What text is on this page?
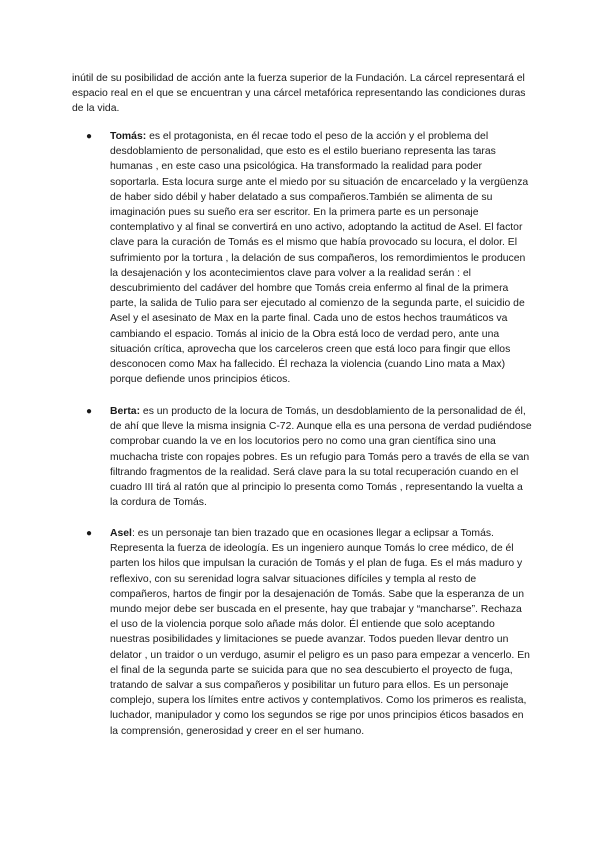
inútil de su posibilidad de acción ante la fuerza superior de la Fundación. La cárcel representará el espacio real en el que se encuentran y una cárcel metafórica representando las condiciones duras de la vida.

● Tomás: es el protagonista, en él recae todo el peso de la acción y el problema del desdoblamiento de personalidad, que esto es el estilo bueriano representa las taras humanas , en este caso una psicológica. Ha transformado la realidad para poder soportarla. Esta locura surge ante el miedo por su situación de encarcelado y la vergüenza de haber sido débil y haber delatado a sus compañeros.También se alimenta de su imaginación pues su sueño era ser escritor. En la primera parte es un personaje contemplativo y al final se convertirá en uno activo, adoptando la actitud de Asel. El factor clave para la curación de Tomás es el mismo que había provocado su locura, el dolor. El sufrimiento por la tortura , la delación de sus compañeros, los remordimientos le producen la desajenación y los acontecimientos clave para volver a la realidad serán : el descubrimiento del cadáver del hombre que Tomás creia enfermo al final de la primera parte, la salida de Tulio para ser ejecutado al comienzo de la segunda parte, el suicidio de Asel y el asesinato de Max en la parte final. Cada uno de estos hechos traumáticos va cambiando el espacio. Tomás al inicio de la Obra está loco de verdad pero, ante una situación crítica, aprovecha que los carceleros creen que está loco para fingir que ellos desconocen como Max ha fallecido. Él rechaza la violencia (cuando Lino mata a Max) porque defiende unos principios éticos.
● Berta: es un producto de la locura de Tomás, un desdoblamiento de la personalidad de él, de ahí que lleve la misma insignia C-72. Aunque ella es una persona de verdad pudiéndose comprobar cuando la ve en los locutorios pero no como una gran científica sino una muchacha triste con ropajes pobres. Es un refugio para Tomás pero a través de ella se van filtrando fragmentos de la realidad. Será clave para la su total recuperación cuando en el cuadro III tirá al ratón que al principio lo presenta como Tomás , representando la vuelta a la cordura de Tomás.
● Asel: es un personaje tan bien trazado que en ocasiones llegar a eclipsar a Tomás. Representa la fuerza de ideología. Es un ingeniero aunque Tomás lo cree médico, de él parten los hilos que impulsan la curación de Tomás y el plan de fuga. Es el más maduro y reflexivo, con su serenidad logra salvar situaciones difíciles y templa al resto de compañeros, hartos de fingir por la desajenación de Tomás. Sabe que la esperanza de un mundo mejor debe ser buscada en el presente, hay que trabajar y “mancharse”. Rechaza el uso de la violencia porque solo añade más dolor. Él entiende que solo aceptando nuestras posibilidades y limitaciones se puede avanzar. Todos pueden llevar dentro un delator , un traidor o un verdugo, asumir el peligro es un paso para empezar a vencerlo. En el final de la segunda parte se suicida para que no sea descubierto el proyecto de fuga, tratando de salvar a sus compañeros y posibilitar un futuro para ellos. Es un personaje complejo, supera los límites entre activos y contemplativos. Como los primeros es realista, luchador, manipulador y como los segundos se rige por unos principios éticos basados en la comprensión, generosidad y creer en el ser humano.
